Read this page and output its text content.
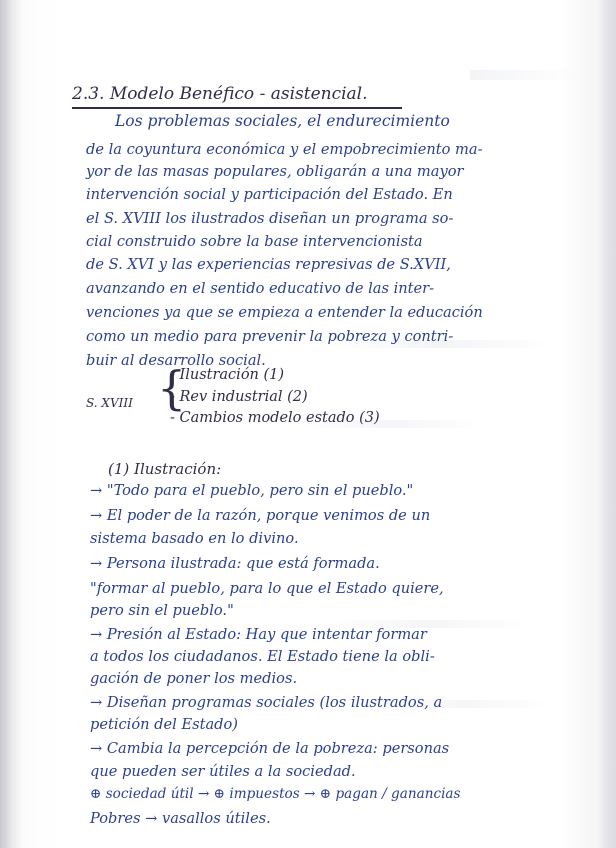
2.3. Modelo Benéfico - asistencial.
Los problemas sociales, el endurecimiento
de la coyuntura económica y el empobrecimiento ma-
yor de las masas populares, obligarán a una mayor
intervención social y participación del Estado. En
el S. XVIII los ilustrados diseñan un programa so-
cial construido sobre la base intervencionista
de S. XVI y las experiencias represivas de S.XVII,
avanzando en el sentido educativo de las inter-
venciones ya que se empieza a entender la educación
como un medio para prevenir la pobreza y contri-
buir al desarrollo social.
S. XVIII {
- Ilustración (1)
- Rev industrial (2)
- Cambios modelo estado (3)
(1) Ilustración:
→ "Todo para el pueblo, pero sin el pueblo."
→ El poder de la razón, porque venimos de un
sistema basado en lo divino.
→ Persona ilustrada: que está formada.
"formar al pueblo, para lo que el Estado quiere,
pero sin el pueblo."
→ Presión al Estado: Hay que intentar formar
a todos los ciudadanos. El Estado tiene la obli-
gación de poner los medios.
→ Diseñan programas sociales (los ilustrados, a
petición del Estado)
→ Cambia la percepción de la pobreza: personas
que pueden ser útiles a la sociedad.
⊕ sociedad útil → ⊕ impuestos → ⊕ pagan / ganancias
Pobres → vasallos útiles.
